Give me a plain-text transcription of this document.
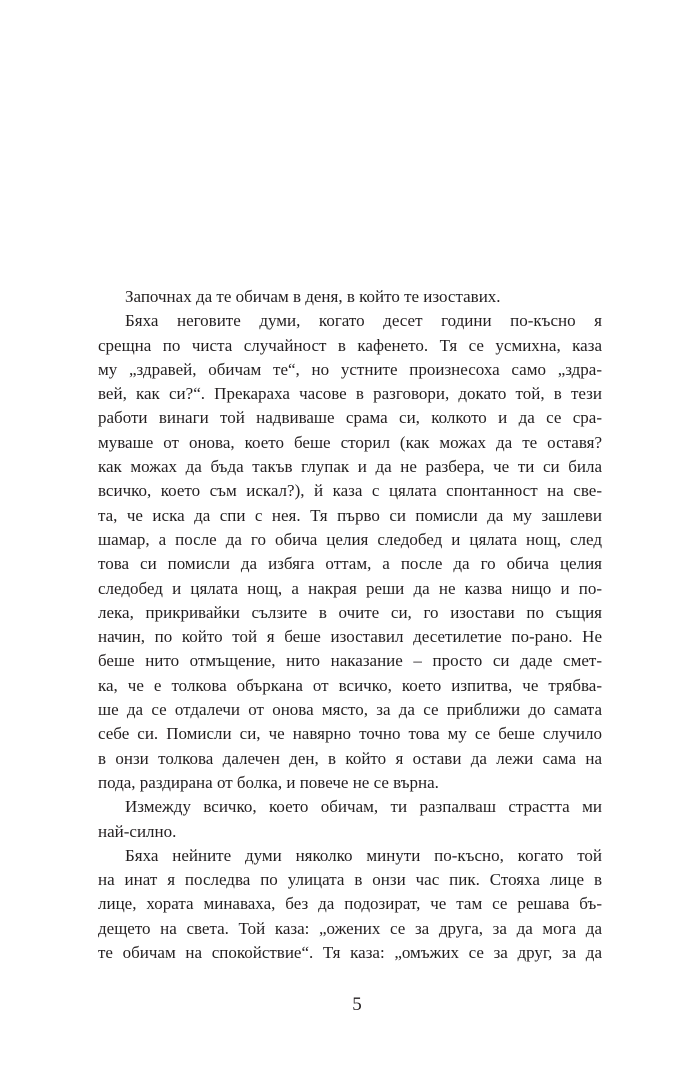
Започнах да те обичам в деня, в който те изоставих.
Бяха неговите думи, когато десет години по-късно я
срещна по чиста случайност в кафенето. Тя се усмихна, каза
му „здравей, обичам те“, но устните произнесоха само „здра-
вей, как си?“. Прекараха часове в разговори, докато той, в тези
работи винаги той надвиваше срама си, колкото и да се сра-
муваше от онова, което беше сторил (как можах да те оставя?
как можах да бъда такъв глупак и да не разбера, че ти си била
всичко, което съм искал?), й каза с цялата спонтанност на све-
та, че иска да спи с нея. Тя първо си помисли да му зашлеви
шамар, а после да го обича целия следобед и цялата нощ, след
това си помисли да избяга оттам, а после да го обича целия
следобед и цялата нощ, а накрая реши да не казва нищо и по-
лека, прикривайки сълзите в очите си, го изостави по същия
начин, по който той я беше изоставил десетилетие по-рано. Не
беше нито отмъщение, нито наказание – просто си даде смет-
ка, че е толкова объркана от всичко, което изпитва, че трябва-
ше да се отдалечи от онова място, за да се приближи до самата
себе си. Помисли си, че навярно точно това му се беше случило
в онзи толкова далечен ден, в който я остави да лежи сама на
пода, раздирана от болка, и повече не се върна.
Измежду всичко, което обичам, ти разпалваш страстта ми
най-силно.
Бяха нейните думи няколко минути по-късно, когато той
на инат я последва по улицата в онзи час пик. Стояха лице в
лице, хората минаваха, без да подозират, че там се решава бъ-
дещето на света. Той каза: „ожених се за друга, за да мога да
те обичам на спокойствие“. Тя каза: „омъжих се за друг, за да
5
